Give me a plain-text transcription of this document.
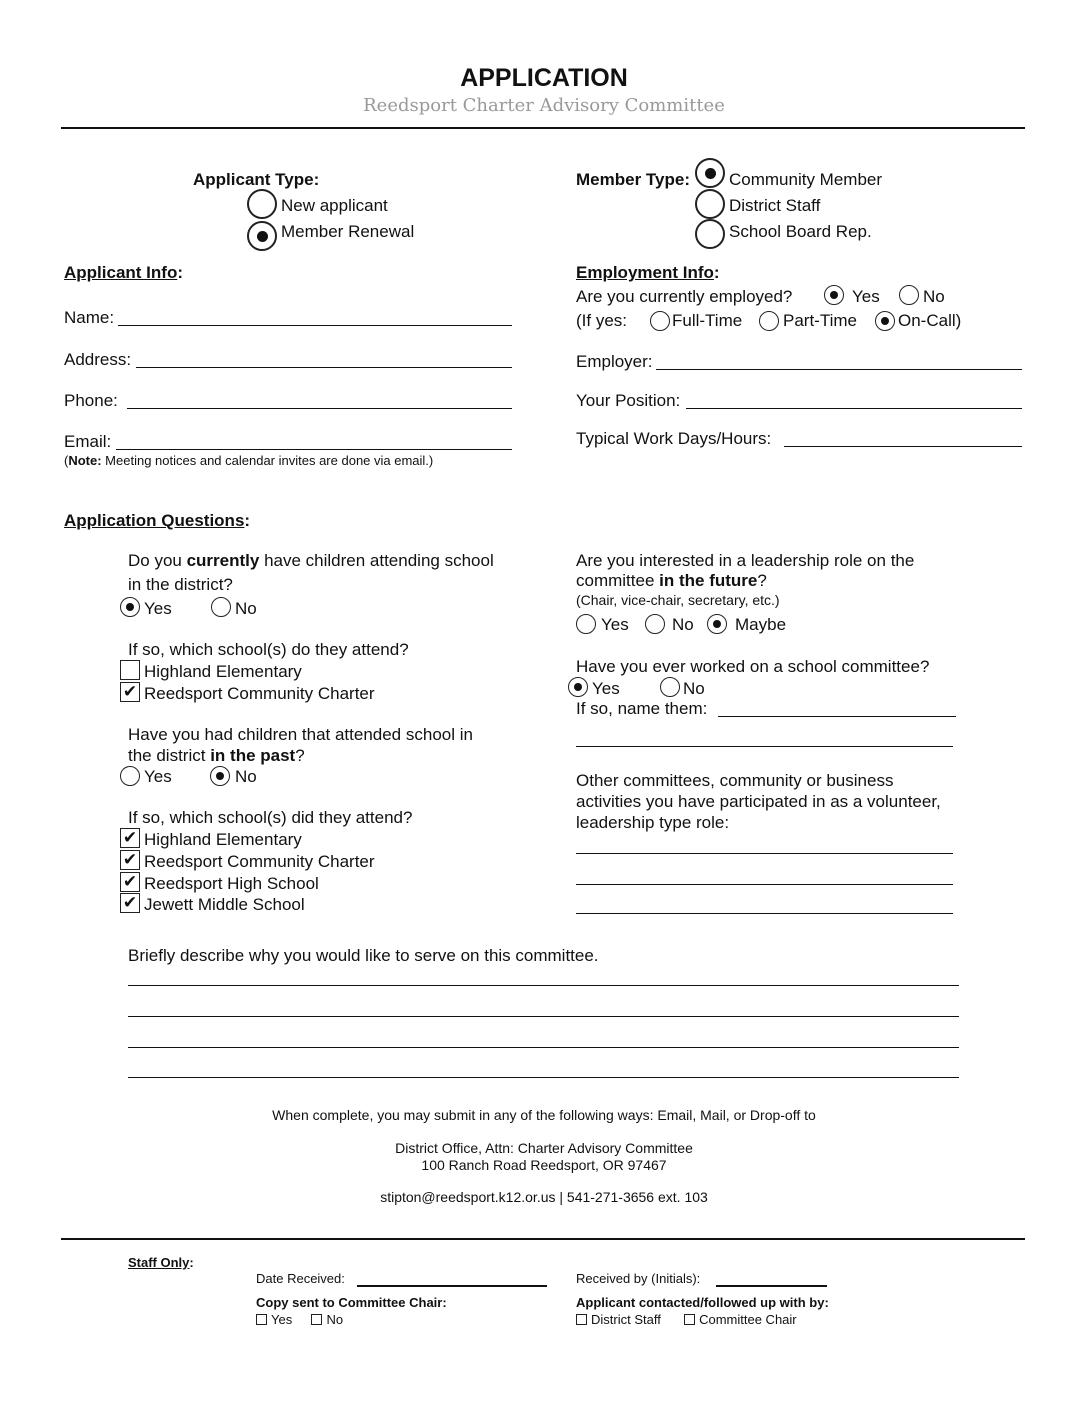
APPLICATION
Reedsport Charter Advisory Committee
Applicant Type:
New applicant
Member Renewal
Member Type: Community Member
District Staff
School Board Rep.
Applicant Info:
Name:
Address:
Phone:
Email:
(Note: Meeting notices and calendar invites are done via email.)
Employment Info:
Are you currently employed?	Yes	No
(If yes:	Full-Time Part-Time On-Call)
Employer:
Your Position:
Typical Work Days/Hours:
Application Questions:
Do you currently have children attending school
in the district?
Yes	No
If so, which school(s) do they attend?
Highland Elementary
✔ Reedsport Community Charter
Have you had children that attended school in
the district in the past?
Yes	No
If so, which school(s) did they attend?
✔ Highland Elementary
✔ Reedsport Community Charter
✔ Reedsport High School
✔ Jewett Middle School
Are you interested in a leadership role on the
committee in the future?
(Chair, vice-chair, secretary, etc.)
Yes	No Maybe
Have you ever worked on a school committee?
Yes	No
If so, name them:
Other committees, community or business
activities you have participated in as a volunteer,
leadership type role:
Briefly describe why you would like to serve on this committee.
When complete, you may submit in any of the following ways: Email, Mail, or Drop-off to
District Office, Attn: Charter Advisory Committee
100 Ranch Road Reedsport, OR 97467
stipton@reedsport.k12.or.us | 541-271-3656 ext. 103
Staff Only:
Date Received:	Received by (Initials):
Copy sent to Committee Chair:
Yes	No
Applicant contacted/followed up with by:
District Staff	Committee Chair
